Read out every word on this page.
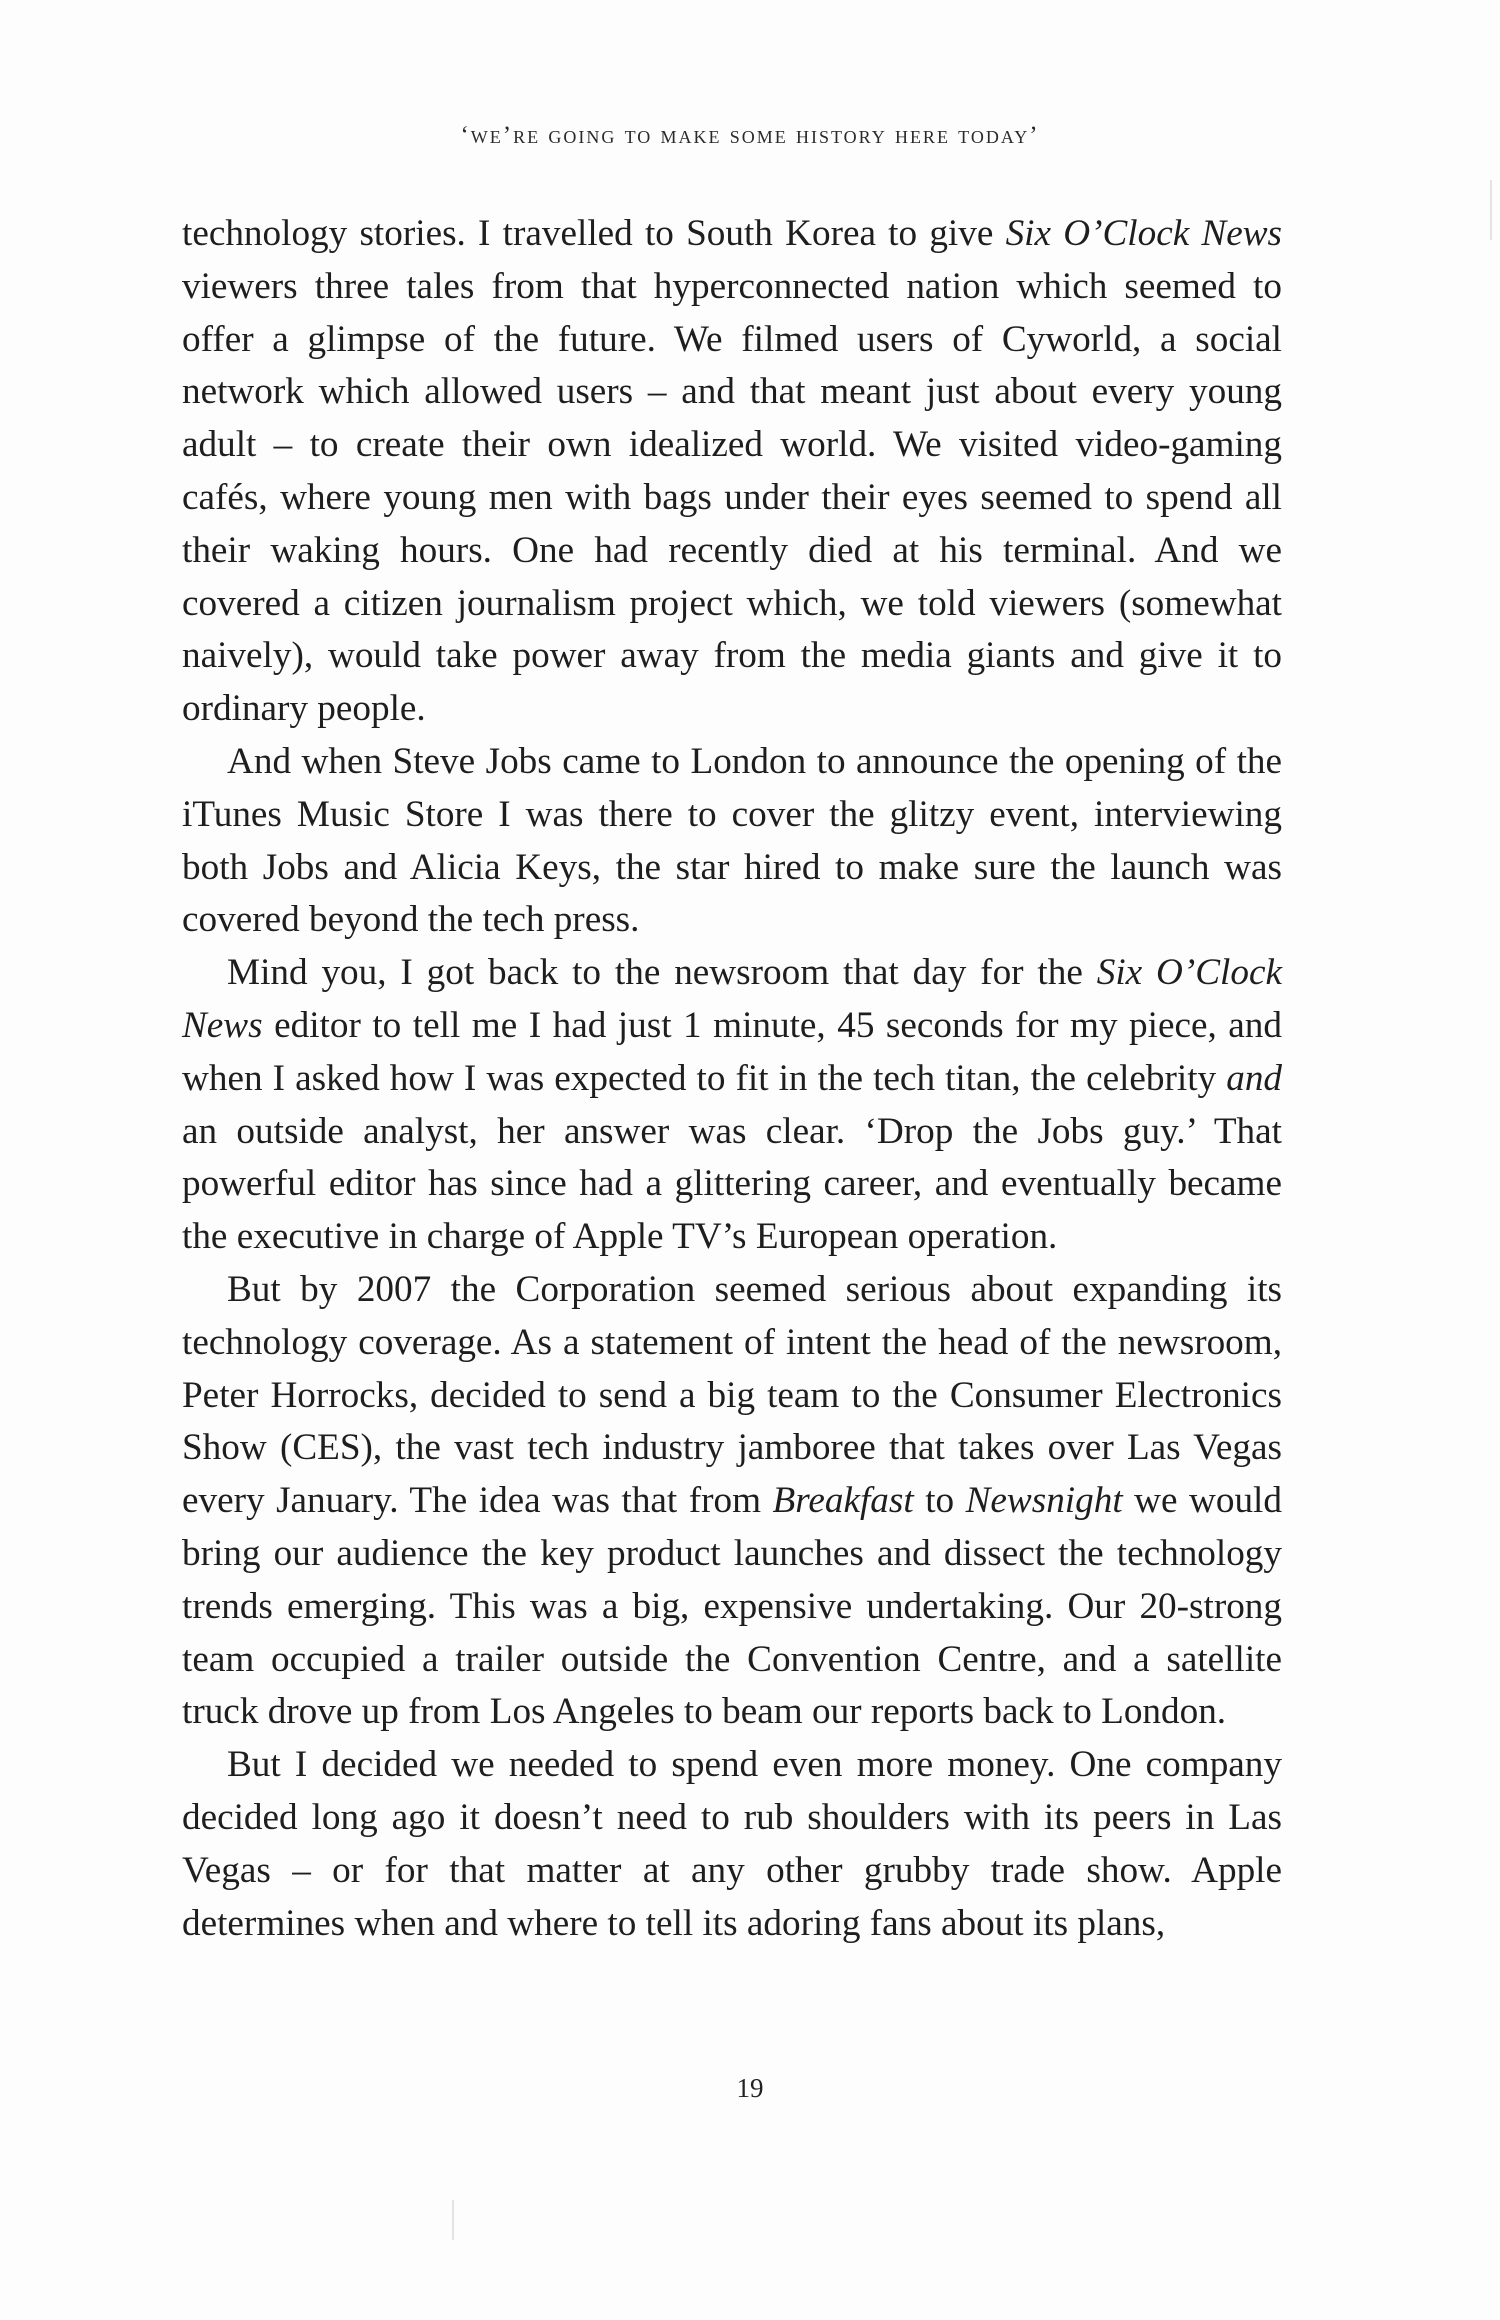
‘we’re going to make some history here today’

technology stories. I travelled to South Korea to give Six O’Clock News viewers three tales from that hyperconnected nation which seemed to offer a glimpse of the future. We filmed users of Cyworld, a social network which allowed users – and that meant just about every young adult – to create their own idealized world. We visited video-gaming cafés, where young men with bags under their eyes seemed to spend all their waking hours. One had recently died at his terminal. And we covered a citizen journalism project which, we told viewers (somewhat naively), would take power away from the media giants and give it to ordinary people.

And when Steve Jobs came to London to announce the opening of the iTunes Music Store I was there to cover the glitzy event, interviewing both Jobs and Alicia Keys, the star hired to make sure the launch was covered beyond the tech press.

Mind you, I got back to the newsroom that day for the Six O’Clock News editor to tell me I had just 1 minute, 45 seconds for my piece, and when I asked how I was expected to fit in the tech titan, the celebrity and an outside analyst, her answer was clear. ‘Drop the Jobs guy.’ That powerful editor has since had a glittering career, and eventually became the executive in charge of Apple TV’s European operation.

But by 2007 the Corporation seemed serious about expanding its technology coverage. As a statement of intent the head of the newsroom, Peter Horrocks, decided to send a big team to the Consumer Electronics Show (CES), the vast tech industry jamboree that takes over Las Vegas every January. The idea was that from Breakfast to Newsnight we would bring our audience the key product launches and dissect the technology trends emerging. This was a big, expensive undertaking. Our 20-strong team occupied a trailer outside the Convention Centre, and a satellite truck drove up from Los Angeles to beam our reports back to London.

But I decided we needed to spend even more money. One company decided long ago it doesn’t need to rub shoulders with its peers in Las Vegas – or for that matter at any other grubby trade show. Apple determines when and where to tell its adoring fans about its plans,

19
